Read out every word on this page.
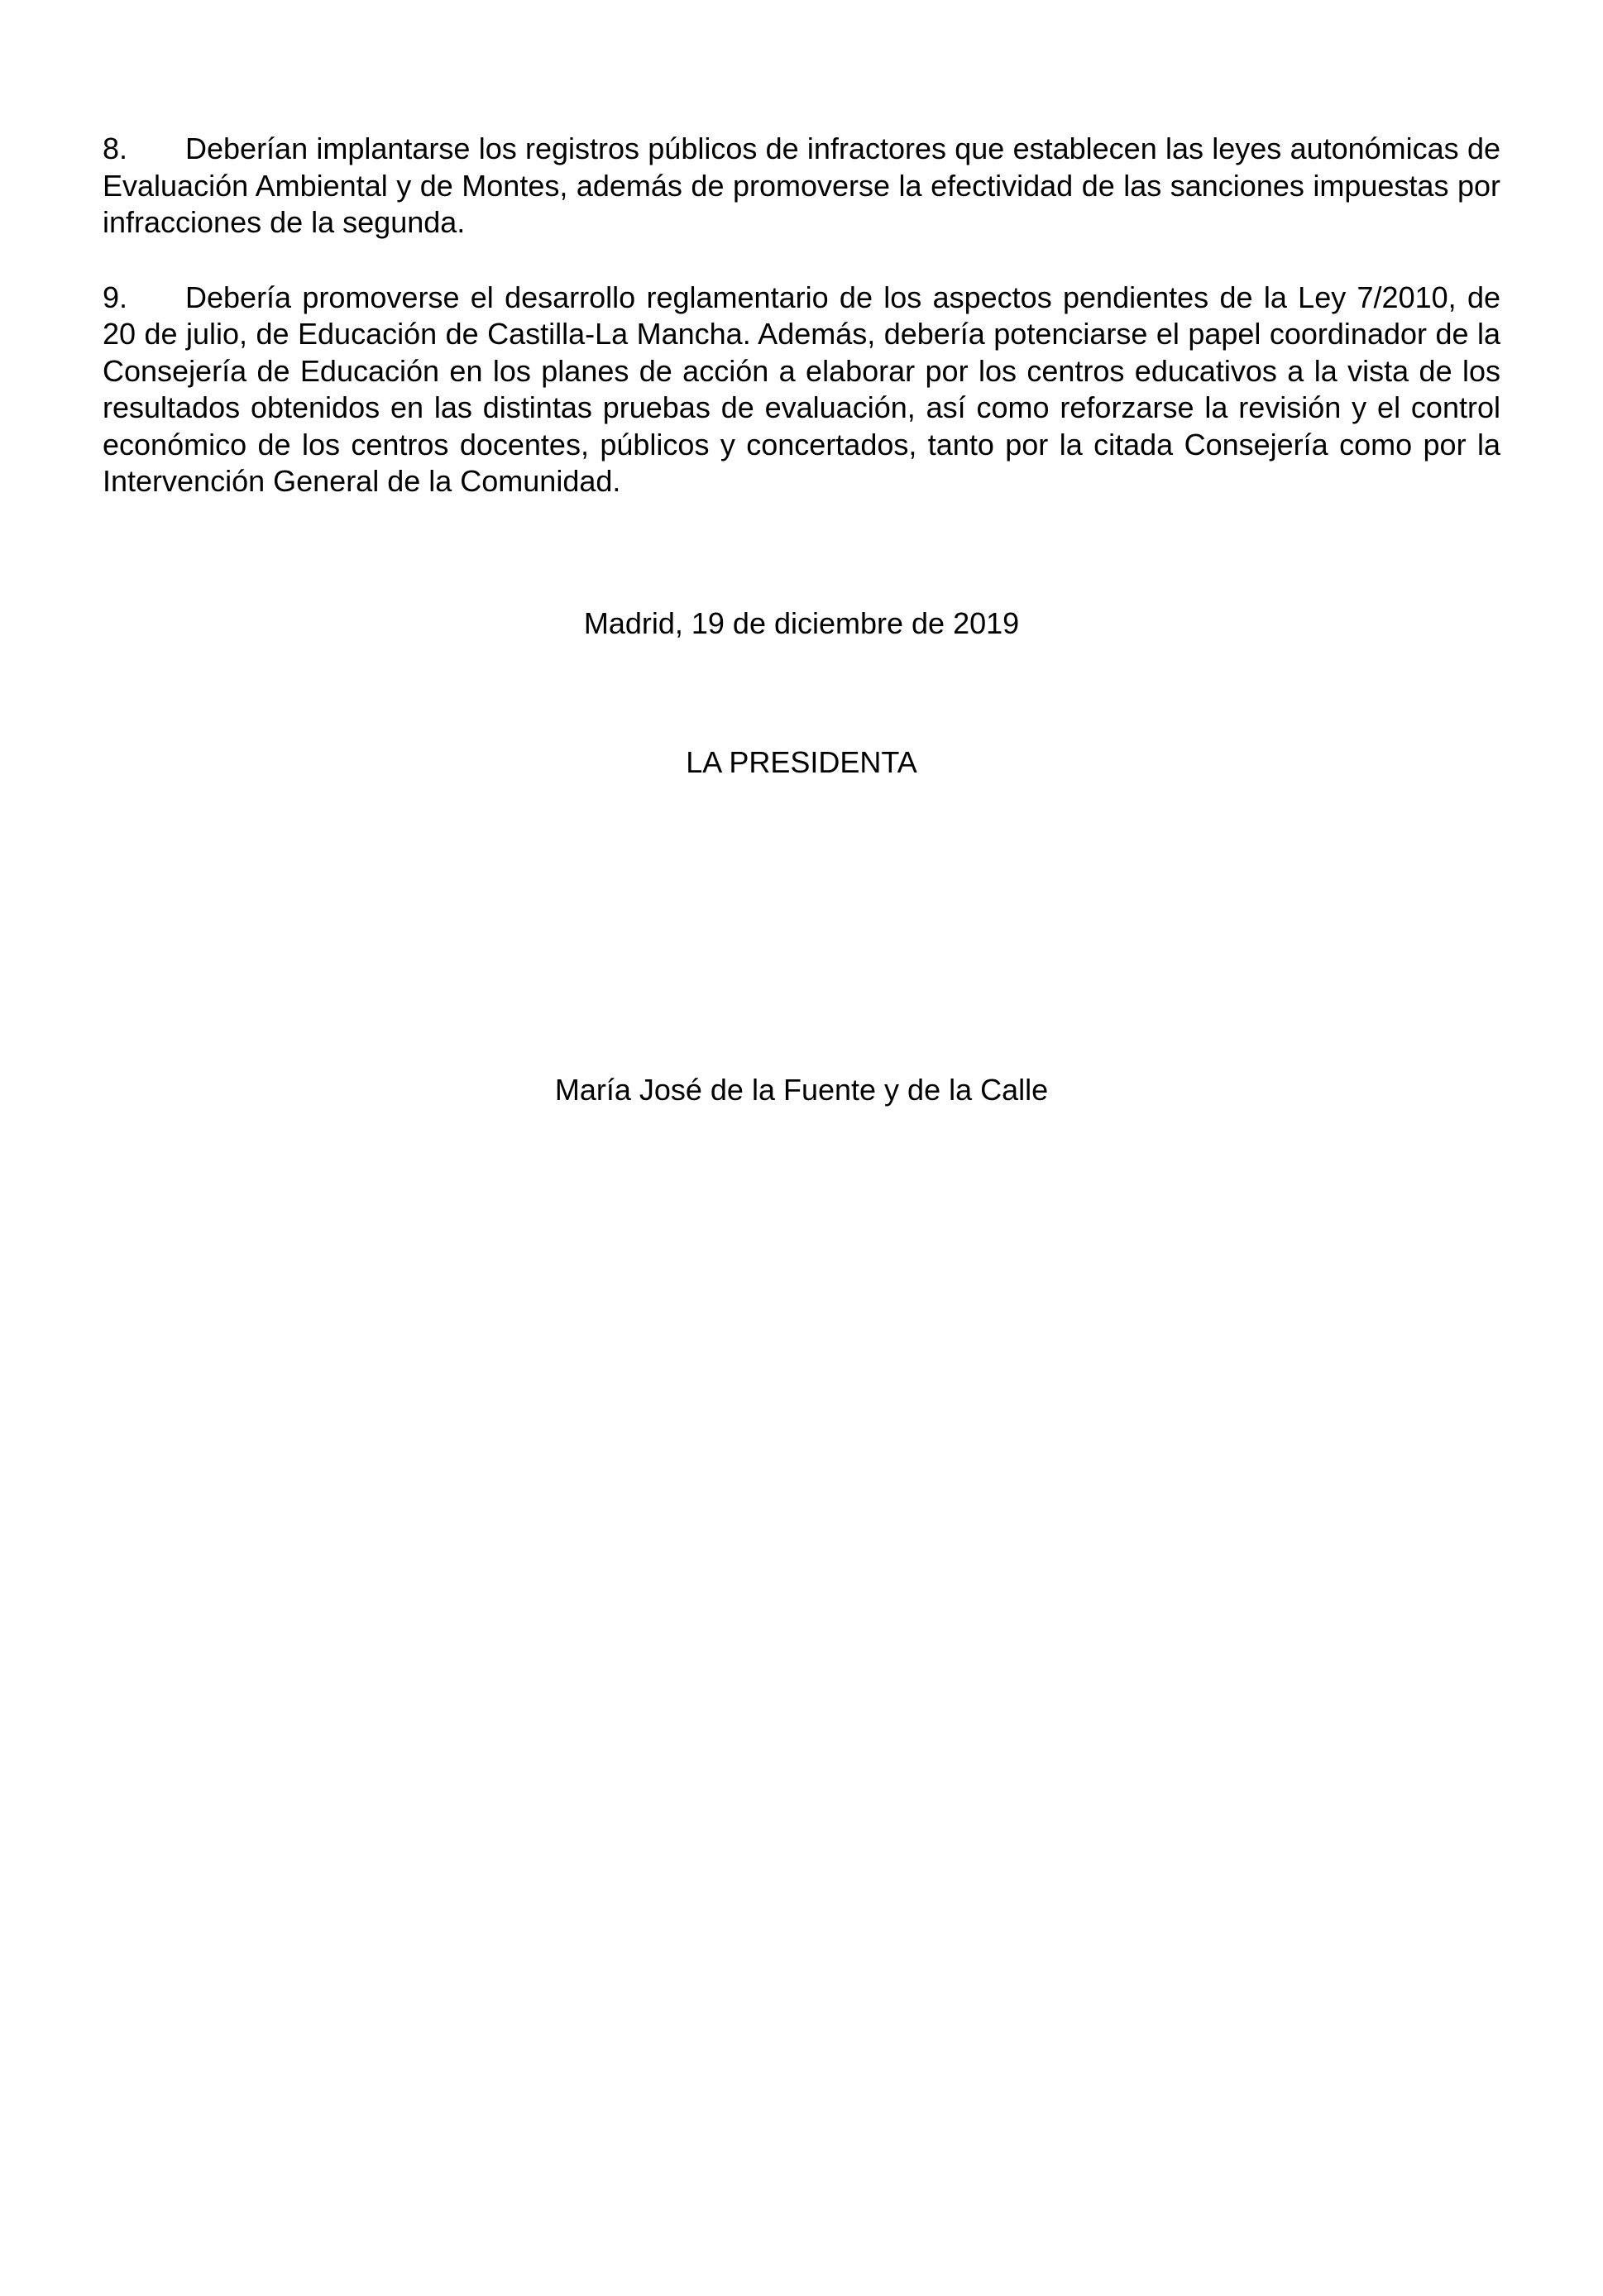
8. Deberían implantarse los registros públicos de infractores que establecen las leyes autonómicas de Evaluación Ambiental y de Montes, además de promoverse la efectividad de las sanciones impuestas por infracciones de la segunda.

9. Debería promoverse el desarrollo reglamentario de los aspectos pendientes de la Ley 7/2010, de 20 de julio, de Educación de Castilla-La Mancha. Además, debería potenciarse el papel coordinador de la Consejería de Educación en los planes de acción a elaborar por los centros educativos a la vista de los resultados obtenidos en las distintas pruebas de evaluación, así como reforzarse la revisión y el control económico de los centros docentes, públicos y concertados, tanto por la citada Consejería como por la Intervención General de la Comunidad.

Madrid, 19 de diciembre de 2019
LA PRESIDENTA
María José de la Fuente y de la Calle
